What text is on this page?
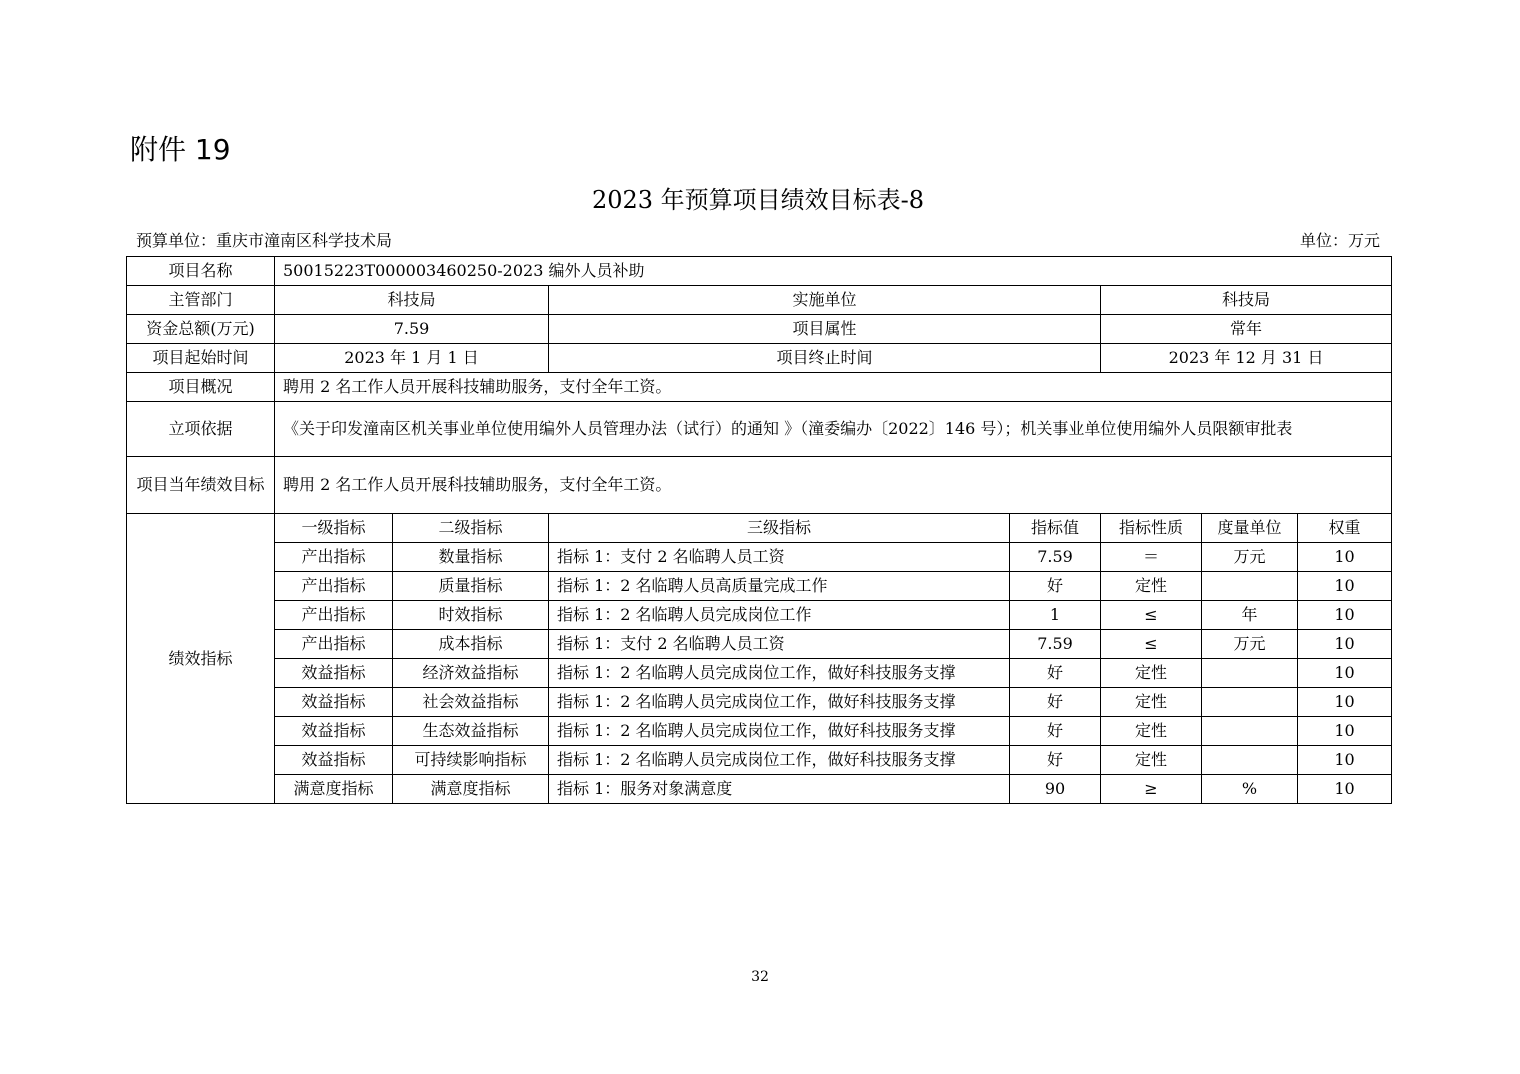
附件 19
2023 年预算项目绩效目标表-8
预算单位：重庆市潼南区科学技术局	单位：万元
项目名称	50015223T000003460250-2023 编外人员补助						
主管部门	科技局		实施单位		科技局		
资金总额(万元)	7.59		项目属性		常年		
项目起始时间	2023 年 1 月 1 日		项目终止时间		2023 年 12 月 31 日		
项目概况	聘用 2 名工作人员开展科技辅助服务，支付全年工资。						
立项依据	《关于印发潼南区机关事业单位使用编外人员管理办法（试行）的通知 》（潼委编办〔2022〕146 号）；机关事业单位使用编外人员限额审批表						
项目当年绩效目标	聘用 2 名工作人员开展科技辅助服务，支付全年工资。						
绩效指标	一级指标	二级指标	三级指标	指标值	指标性质	度量单位	权重
	产出指标	数量指标	指标 1：支付 2 名临聘人员工资	7.59	＝	万元	10
	产出指标	质量指标	指标 1：2 名临聘人员高质量完成工作	好	定性		10
	产出指标	时效指标	指标 1：2 名临聘人员完成岗位工作	1	≤	年	10
	产出指标	成本指标	指标 1：支付 2 名临聘人员工资	7.59	≤	万元	10
	效益指标	经济效益指标	指标 1：2 名临聘人员完成岗位工作，做好科技服务支撑	好	定性		10
	效益指标	社会效益指标	指标 1：2 名临聘人员完成岗位工作，做好科技服务支撑	好	定性		10
	效益指标	生态效益指标	指标 1：2 名临聘人员完成岗位工作，做好科技服务支撑	好	定性		10
	效益指标	可持续影响指标	指标 1：2 名临聘人员完成岗位工作，做好科技服务支撑	好	定性		10
	满意度指标	满意度指标	指标 1：服务对象满意度	90	≥	%	10
32
